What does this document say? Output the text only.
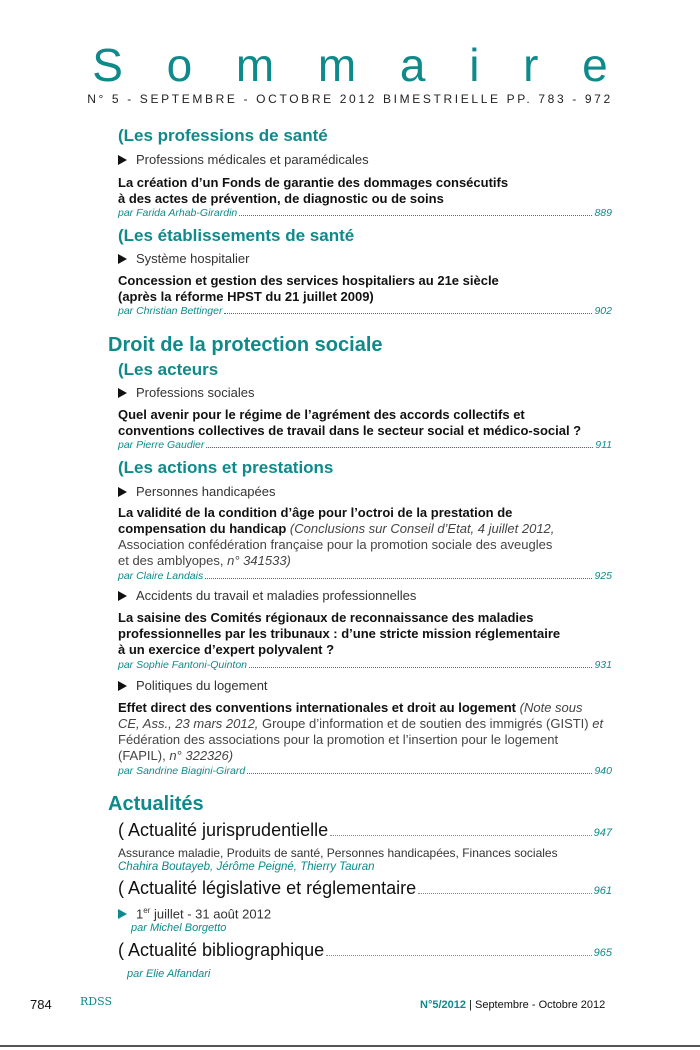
Sommaire
N° 5 - SEPTEMBRE - OCTOBRE 2012 BIMESTRIELLE PP. 783 - 972
(Les professions de santé
Professions médicales et paramédicales
La création d’un Fonds de garantie des dommages consécutifs
à des actes de prévention, de diagnostic ou de soins
par Farida Arhab-Girardin	889
(Les établissements de santé
Système hospitalier
Concession et gestion des services hospitaliers au 21e siècle
(après la réforme HPST du 21 juillet 2009)
par Christian Bettinger	902
Droit de la protection sociale
(Les acteurs
Professions sociales
Quel avenir pour le régime de l’agrément des accords collectifs et
conventions collectives de travail dans le secteur social et médico-social ?
par Pierre Gaudier	911
(Les actions et prestations
Personnes handicapées
La validité de la condition d’âge pour l’octroi de la prestation de
compensation du handicap (Conclusions sur Conseil d’Etat, 4 juillet 2012,
Association confédération française pour la promotion sociale des aveugles
et des amblyopes, n° 341533)
par Claire Landais	925
Accidents du travail et maladies professionnelles
La saisine des Comités régionaux de reconnaissance des maladies
professionnelles par les tribunaux : d’une stricte mission réglementaire
à un exercice d’expert polyvalent ?
par Sophie Fantoni-Quinton	931
Politiques du logement
Effet direct des conventions internationales et droit au logement (Note sous
CE, Ass., 23 mars 2012, Groupe d’information et de soutien des immigrés (GISTI) et
Fédération des associations pour la promotion et l’insertion pour le logement
(FAPIL), n° 322326)
par Sandrine Biagini-Girard	940
Actualités
( Actualité jurisprudentielle	947
Assurance maladie, Produits de santé, Personnes handicapées, Finances sociales
Chahira Boutayeb, Jérôme Peigné, Thierry Tauran
( Actualité législative et réglementaire	961
1er juillet - 31 août 2012
par Michel Borgetto
( Actualité bibliographique	965
par Elie Alfandari
784	RDSS	N°5/2012 | Septembre - Octobre 2012
